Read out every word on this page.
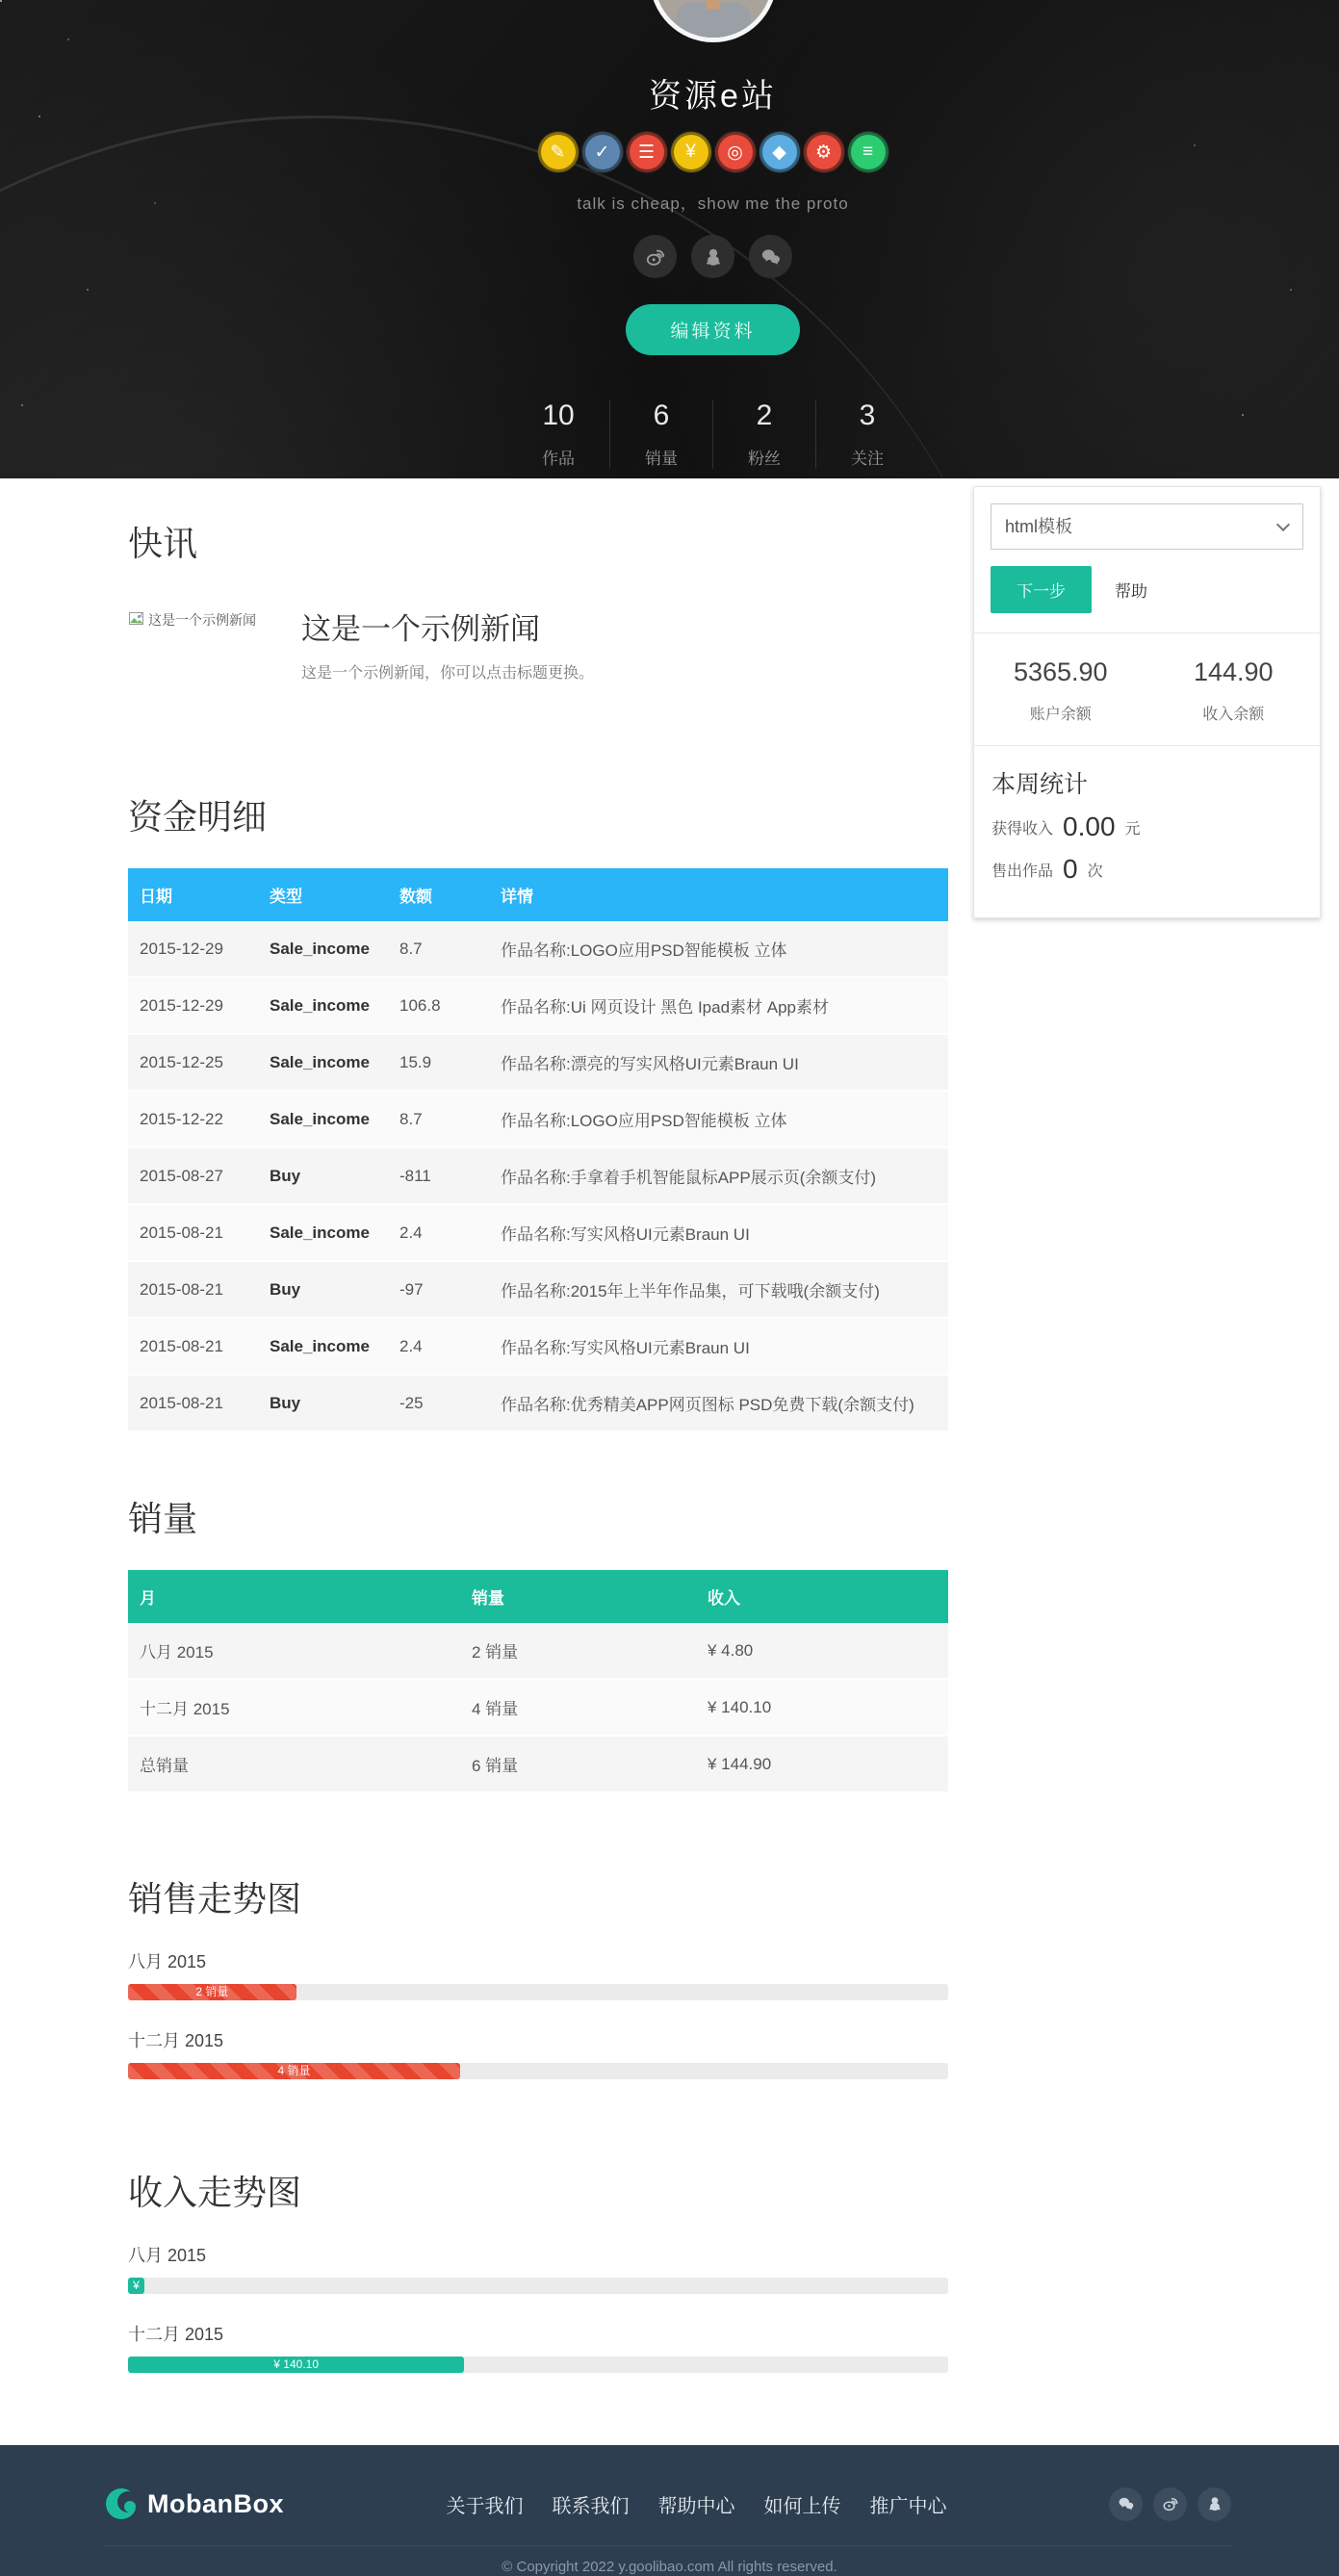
资源e站
✎	✓	☰	¥	◎	◆	⚙	≡
talk is cheap，show me the proto
编辑资料
10
作品
6
销量
2
粉丝
3
关注
快讯
这是一个示例新闻 这是一个示例新闻
这是一个示例新闻，你可以点击标题更换。
资金明细
日期	类型	数额	详情
2015-12-29	Sale_income	8.7	作品名称:LOGO应用PSD智能模板 立体
2015-12-29	Sale_income	106.8	作品名称:Ui 网页设计 黑色 Ipad素材 App素材
2015-12-25	Sale_income	15.9	作品名称:漂亮的写实风格UI元素Braun UI
2015-12-22	Sale_income	8.7	作品名称:LOGO应用PSD智能模板 立体
2015-08-27	Buy	-811	作品名称:手拿着手机智能鼠标APP展示页(余额支付)
2015-08-21	Sale_income	2.4	作品名称:写实风格UI元素Braun UI
2015-08-21	Buy	-97	作品名称:2015年上半年作品集，可下载哦(余额支付)
2015-08-21	Sale_income	2.4	作品名称:写实风格UI元素Braun UI
2015-08-21	Buy	-25	作品名称:优秀精美APP网页图标 PSD免费下载(余额支付)
销量
月	销量	收入
八月 2015	2 销量	¥ 4.80
十二月 2015	4 销量	¥ 140.10
总销量	6 销量	¥ 144.90
销售走势图
八月 2015
2 销量
十二月 2015
4 销量
收入走势图
八月 2015
¥
十二月 2015
¥ 140.10
html模板
下一步	帮助
5365.90
账户余额
144.90
收入余额
本周统计
获得收入 0.00 元
售出作品 0 次
MobanBox	关于我们 联系我们 帮助中心 如何上传 推广中心
© Copyright 2022 y.goolibao.com All rights reserved.
